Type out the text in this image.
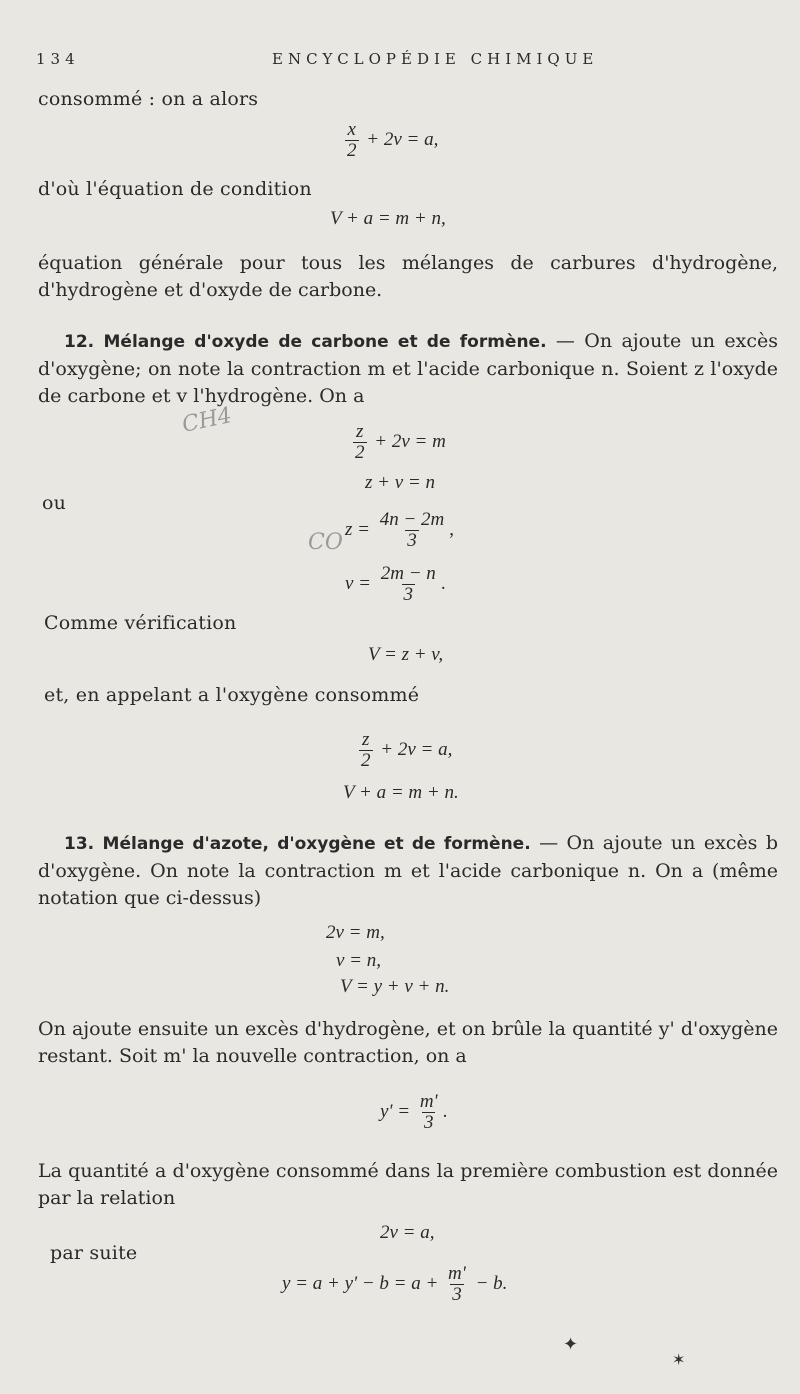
134	ENCYCLOPÉDIE CHIMIQUE
consommé : on a alors
$\frac{x}{2} + 2v = a$,
d'où l'équation de condition
V + a = m + n,
équation générale pour tous les mélanges de carbures d'hydrogène, d'hydrogène et d'oxyde de carbone.
12. Mélange d'oxyde de carbone et de formène. — On ajoute un excès d'oxygène; on note la contraction m et l'acide carbonique n. Soient z l'oxyde de carbone et v l'hydrogène. On a
CH4
$\frac{z}{2} + 2v = m$
z + v = n
ou
CO
$z = \frac{4n - 2m}{3}$ ,
$v = \frac{2m - n}{3}$ .
Comme vérification
V = z + v,
et, en appelant a l'oxygène consommé
$\frac{z}{2} + 2v = a$,
V + a = m + n.
13. Mélange d'azote, d'oxygène et de formène. — On ajoute un excès b d'oxygène. On note la contraction m et l'acide carbonique n. On a (même notation que ci-dessus)
2v = m,
v = n,
V = y + v + n.
On ajoute ensuite un excès d'hydrogène, et on brûle la quantité y' d'oxygène restant. Soit m' la nouvelle contraction, on a
$y' = \frac{m'}{3}$ .
La quantité a d'oxygène consommé dans la première combustion est donnée par la relation
2v = a,
par suite
$y = a + y' - b = a + \frac{m'}{3} - b$.
✦
✶
